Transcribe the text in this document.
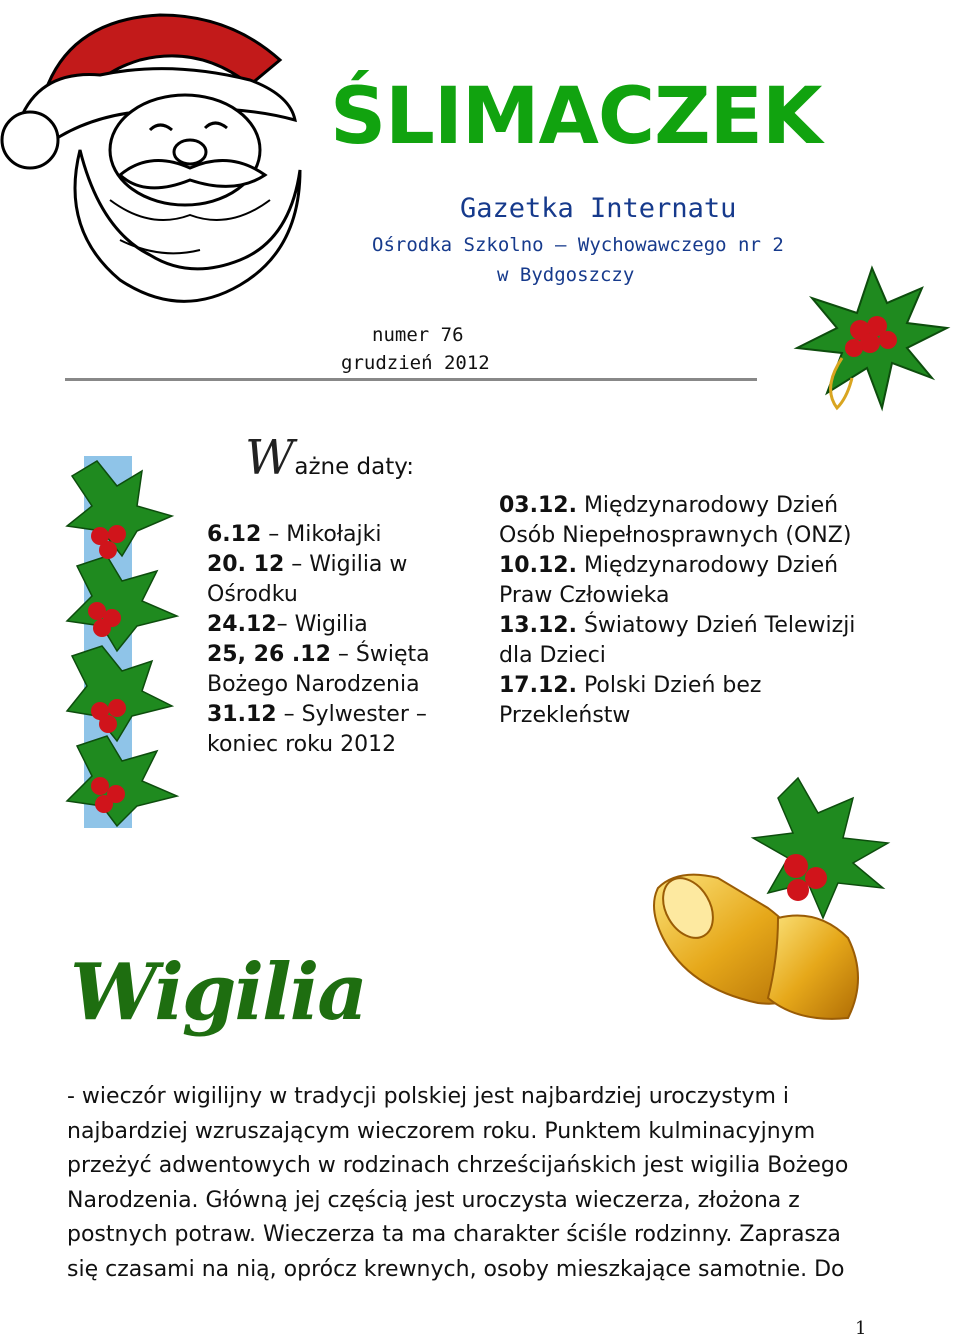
ŚLIMACZEK
Gazetka Internatu
Ośrodka Szkolno – Wychowawczego nr 2
w Bydgoszczy
numer 76
grudzień 2012
Ważne daty:
6.12 – Mikołajki
20. 12 – Wigilia w Ośrodku
24.12– Wigilia
25, 26 .12 – Święta Bożego Narodzenia
31.12 – Sylwester – koniec roku 2012
03.12. Międzynarodowy Dzień Osób Niepełnosprawnych (ONZ)
10.12. Międzynarodowy Dzień Praw Człowieka
13.12. Światowy Dzień Telewizji dla Dzieci
17.12. Polski Dzień bez Przekleństw
Wigilia
- wieczór wigilijny w tradycji polskiej jest najbardziej uroczystym i najbardziej wzruszającym wieczorem roku. Punktem kulminacyjnym przeżyć adwentowych w rodzinach chrześcijańskich jest wigilia Bożego Narodzenia. Główną jej częścią jest uroczysta wieczerza, złożona z postnych potraw. Wieczerza ta ma charakter ściśle rodzinny. Zaprasza się czasami na nią, oprócz krewnych, osoby mieszkające samotnie. Do
1
